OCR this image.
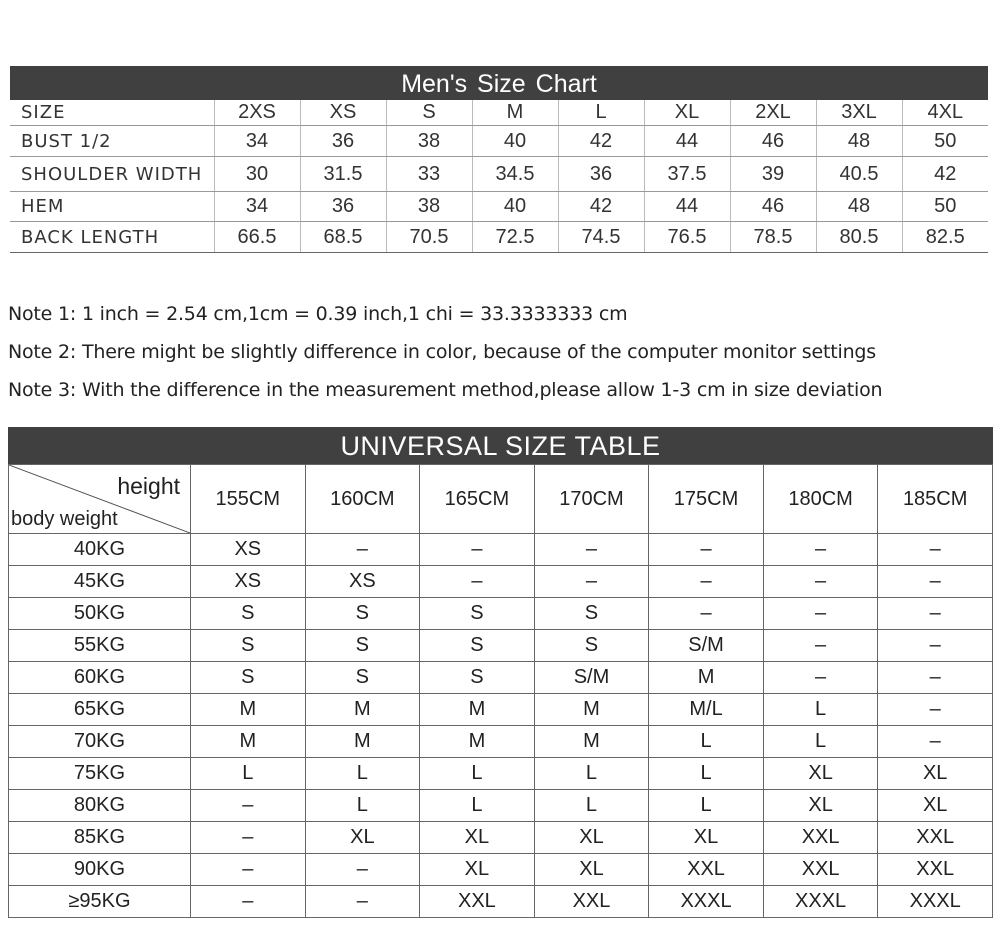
Men's Size Chart
SIZE	2XS	XS	S	M	L	XL	2XL	3XL	4XL
BUST 1/2	34	36	38	40	42	44	46	48	50
SHOULDER WIDTH	30	31.5	33	34.5	36	37.5	39	40.5	42
HEM	34	36	38	40	42	44	46	48	50
BACK LENGTH	66.5	68.5	70.5	72.5	74.5	76.5	78.5	80.5	82.5
Note 1: 1 inch = 2.54 cm,1cm = 0.39 inch,1 chi = 33.3333333 cm
Note 2: There might be slightly difference in color, because of the computer monitor settings
Note 3: With the difference in the measurement method,please allow 1-3 cm in size deviation
UNIVERSAL SIZE TABLE
height
body weight	155CM	160CM	165CM	170CM	175CM	180CM	185CM
40KG	XS	–	–	–	–	–	–
45KG	XS	XS	–	–	–	–	–
50KG	S	S	S	S	–	–	–
55KG	S	S	S	S	S/M	–	–
60KG	S	S	S	S/M	M	–	–
65KG	M	M	M	M	M/L	L	–
70KG	M	M	M	M	L	L	–
75KG	L	L	L	L	L	XL	XL
80KG	–	L	L	L	L	XL	XL
85KG	–	XL	XL	XL	XL	XXL	XXL
90KG	–	–	XL	XL	XXL	XXL	XXL
≥95KG	–	–	XXL	XXL	XXXL	XXXL	XXXL
